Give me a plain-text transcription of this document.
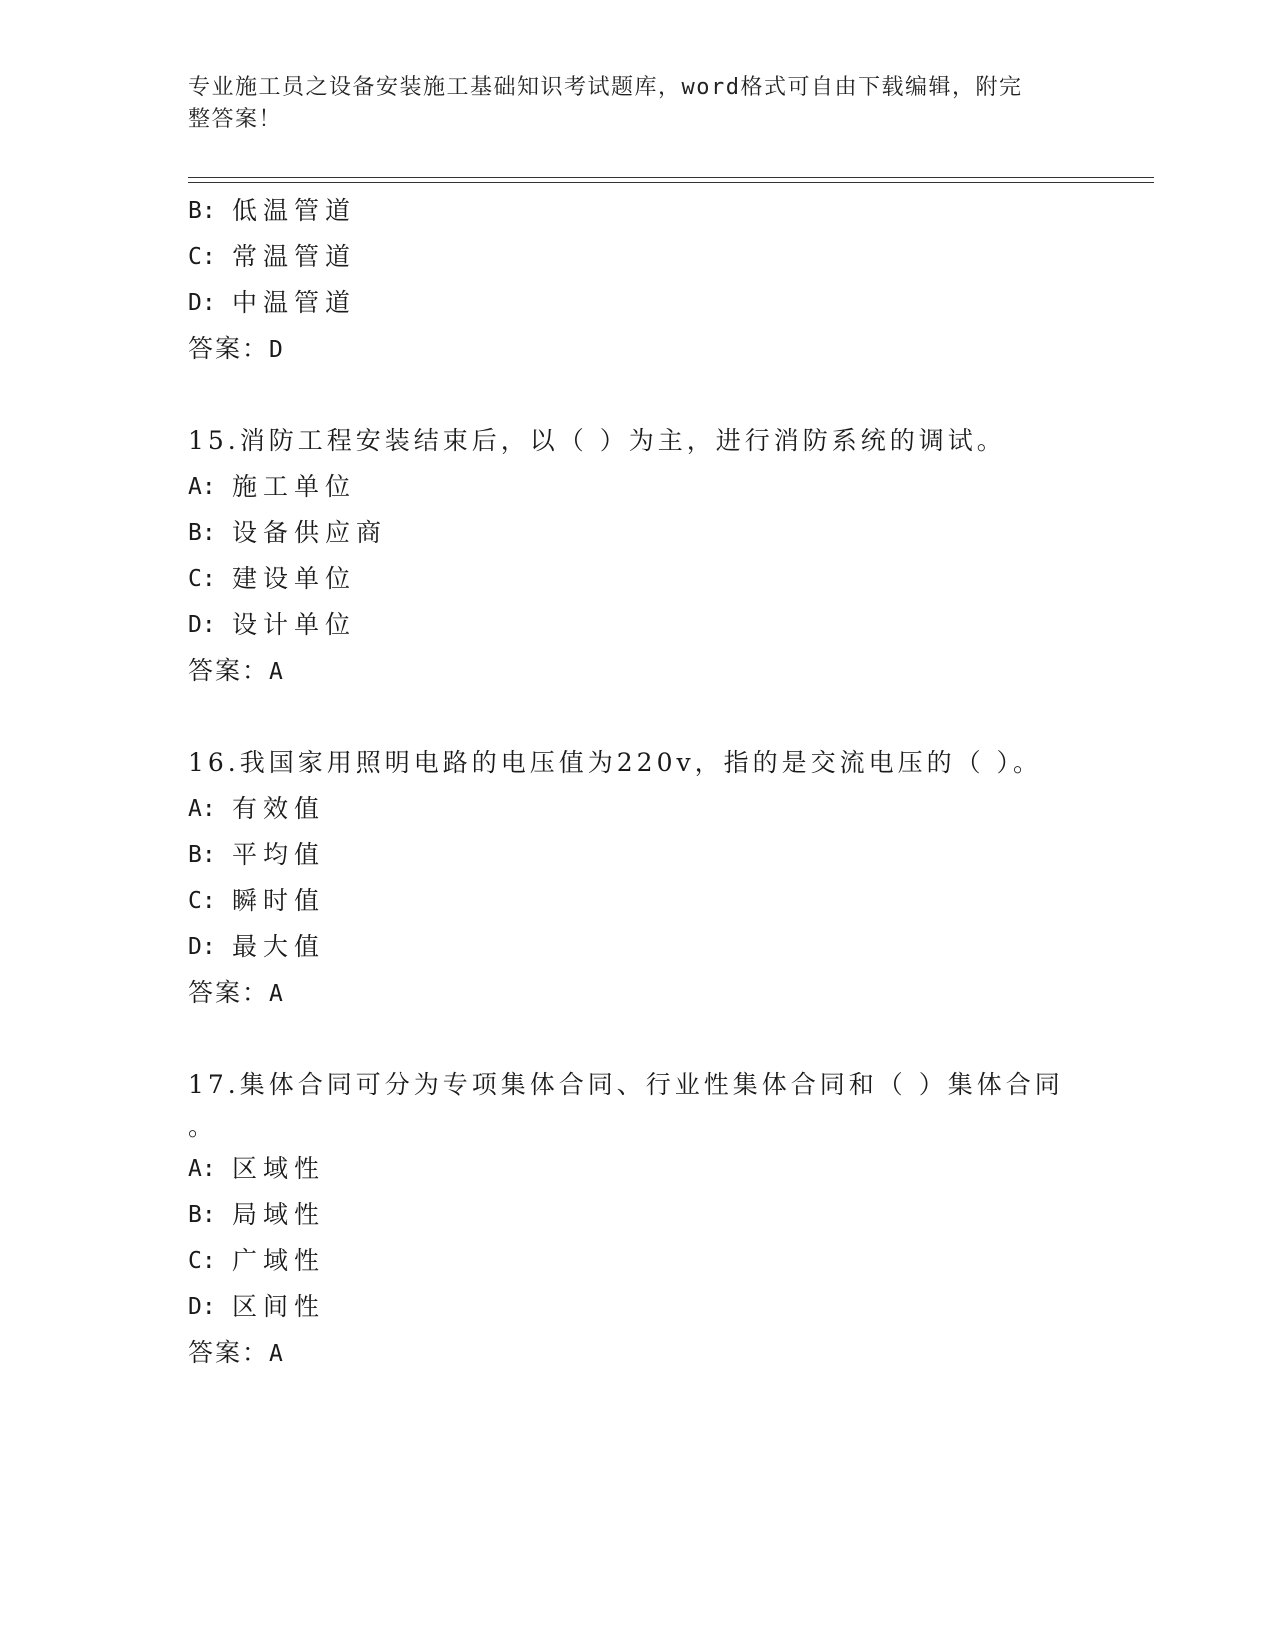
专业施工员之设备安装施工基础知识考试题库，word格式可自由下载编辑，附完
整答案！
B: 低温管道
C: 常温管道
D: 中温管道
答案：D
15.消防工程安装结束后，以（ ）为主，进行消防系统的调试。
A: 施工单位
B: 设备供应商
C: 建设单位
D: 设计单位
答案：A
16.我国家用照明电路的电压值为220v，指的是交流电压的（ ）。
A: 有效值
B: 平均值
C: 瞬时值
D: 最大值
答案：A
17.集体合同可分为专项集体合同、行业性集体合同和（ ）集体合同
。
A: 区域性
B: 局域性
C: 广域性
D: 区间性
答案：A
